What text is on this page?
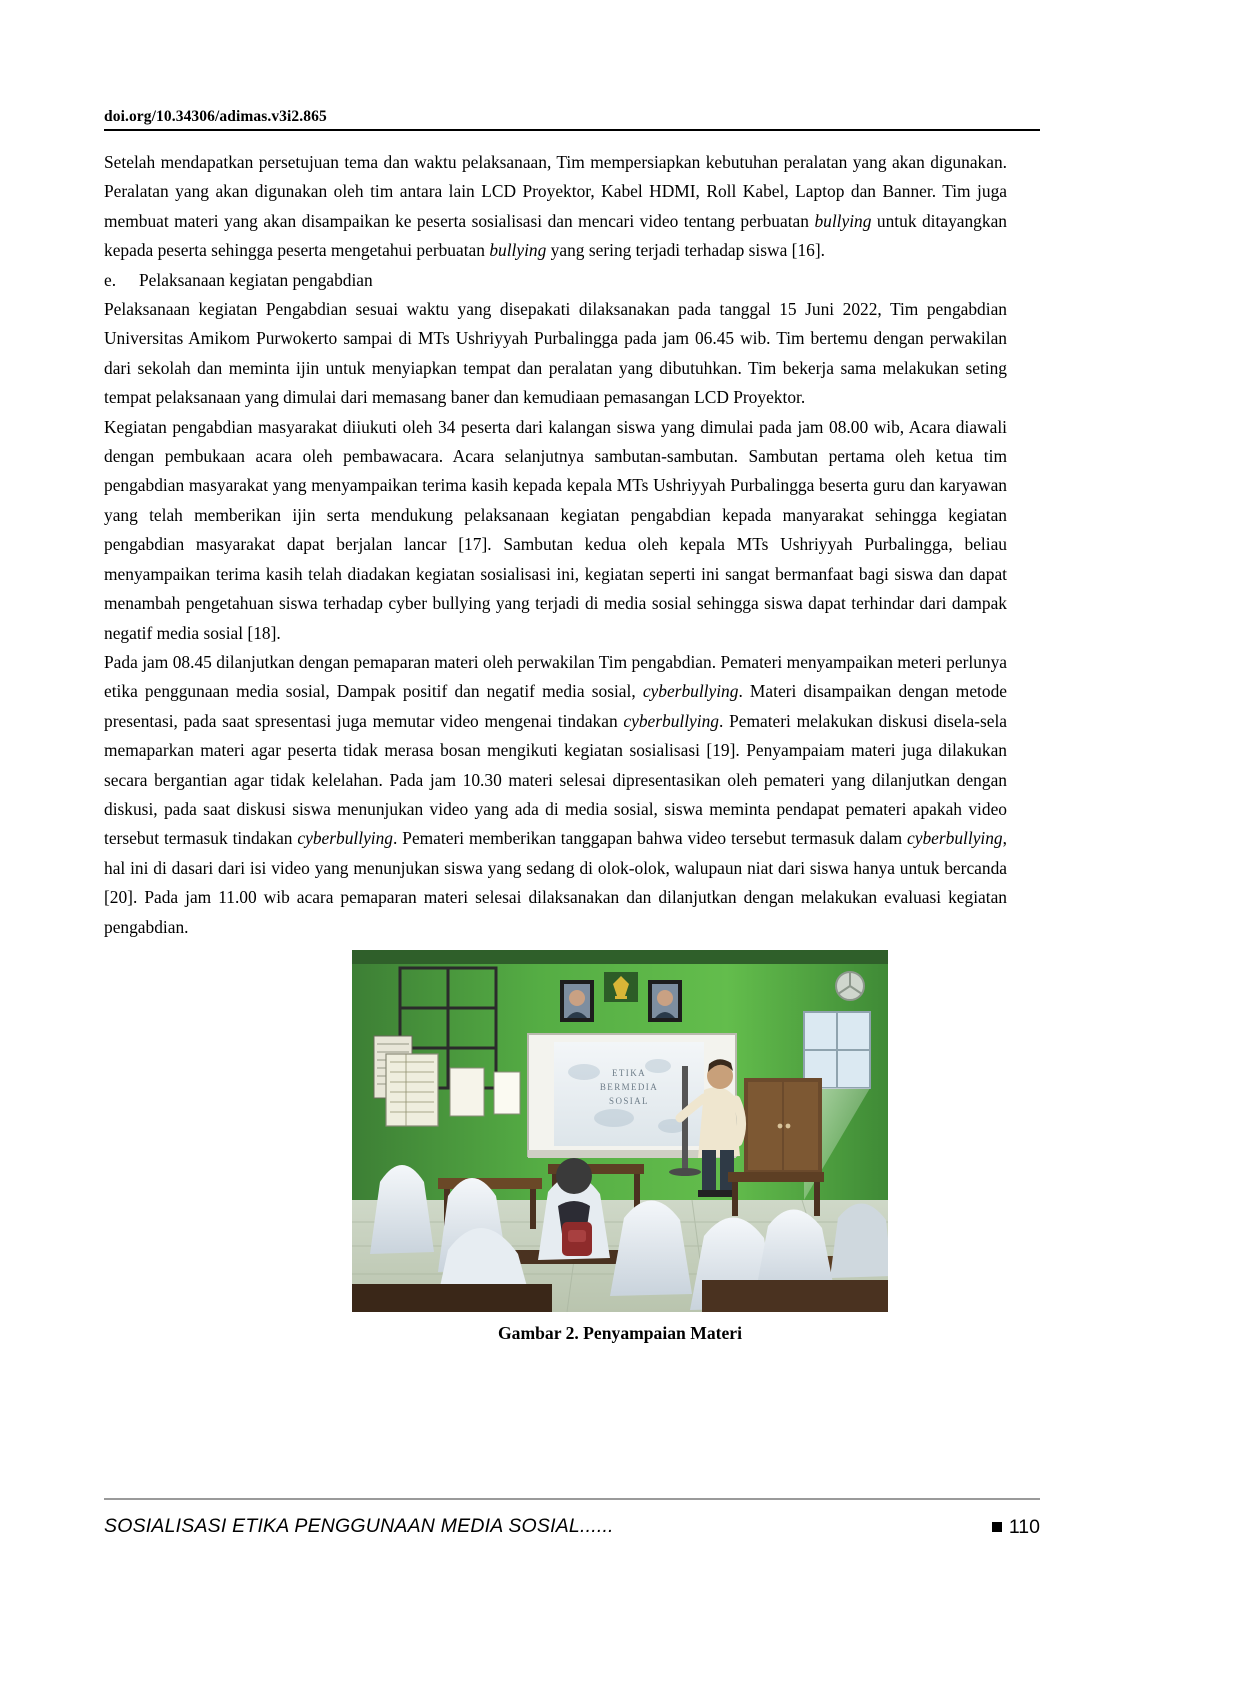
doi.org/10.34306/adimas.v3i2.865

Setelah mendapatkan persetujuan tema dan waktu pelaksanaan, Tim mempersiapkan kebutuhan peralatan yang akan digunakan. Peralatan yang akan digunakan oleh tim antara lain LCD Proyektor, Kabel HDMI, Roll Kabel, Laptop dan Banner. Tim juga membuat materi yang akan disampaikan ke peserta sosialisasi dan mencari video tentang perbuatan bullying untuk ditayangkan kepada peserta sehingga peserta mengetahui perbuatan bullying yang sering terjadi terhadap siswa [16].

e.	Pelaksanaan kegiatan pengabdian

Pelaksanaan kegiatan Pengabdian sesuai waktu yang disepakati dilaksanakan pada tanggal 15 Juni 2022, Tim pengabdian Universitas Amikom Purwokerto sampai di MTs Ushriyyah Purbalingga pada jam 06.45 wib. Tim bertemu dengan perwakilan dari sekolah dan meminta ijin untuk menyiapkan tempat dan peralatan yang dibutuhkan. Tim bekerja sama melakukan seting tempat pelaksanaan yang dimulai dari memasang baner dan kemudiaan pemasangan LCD Proyektor.

Kegiatan pengabdian masyarakat diiukuti oleh 34 peserta dari kalangan siswa yang dimulai pada jam 08.00 wib, Acara diawali dengan pembukaan acara oleh pembawacara. Acara selanjutnya sambutan-sambutan. Sambutan pertama oleh ketua tim pengabdian masyarakat yang menyampaikan terima kasih kepada kepala MTs Ushriyyah Purbalingga beserta guru dan karyawan yang telah memberikan ijin serta mendukung pelaksanaan kegiatan pengabdian kepada manyarakat sehingga kegiatan pengabdian masyarakat dapat berjalan lancar [17]. Sambutan kedua oleh kepala MTs Ushriyyah Purbalingga, beliau menyampaikan terima kasih telah diadakan kegiatan sosialisasi ini, kegiatan seperti ini sangat bermanfaat bagi siswa dan dapat menambah pengetahuan siswa terhadap cyber bullying yang terjadi di media sosial sehingga siswa dapat terhindar dari dampak negatif media sosial [18].

Pada jam 08.45 dilanjutkan dengan pemaparan materi oleh perwakilan Tim pengabdian. Pemateri menyampaikan meteri perlunya etika penggunaan media sosial, Dampak positif dan negatif media sosial, cyberbullying. Materi disampaikan dengan metode presentasi, pada saat spresentasi juga memutar video mengenai tindakan cyberbullying. Pemateri melakukan diskusi disela-sela memaparkan materi agar peserta tidak merasa bosan mengikuti kegiatan sosialisasi [19]. Penyampaiam materi juga dilakukan secara bergantian agar tidak kelelahan. Pada jam 10.30 materi selesai dipresentasikan oleh pemateri yang dilanjutkan dengan diskusi, pada saat diskusi siswa menunjukan video yang ada di media sosial, siswa meminta pendapat pemateri apakah video tersebut termasuk tindakan cyberbullying. Pemateri memberikan tanggapan bahwa video tersebut termasuk dalam cyberbullying, hal ini di dasari dari isi video yang menunjukan siswa yang sedang di olok-olok, walupaun niat dari siswa hanya untuk bercanda [20]. Pada jam 11.00 wib acara pemaparan materi selesai dilaksanakan dan dilanjutkan dengan melakukan evaluasi kegiatan pengabdian.

ETIKA
BERMEDIA
SOSIAL
Gambar 2. Penyampaian Materi
SOSIALISASI ETIKA PENGGUNAAN MEDIA SOSIAL......	110
